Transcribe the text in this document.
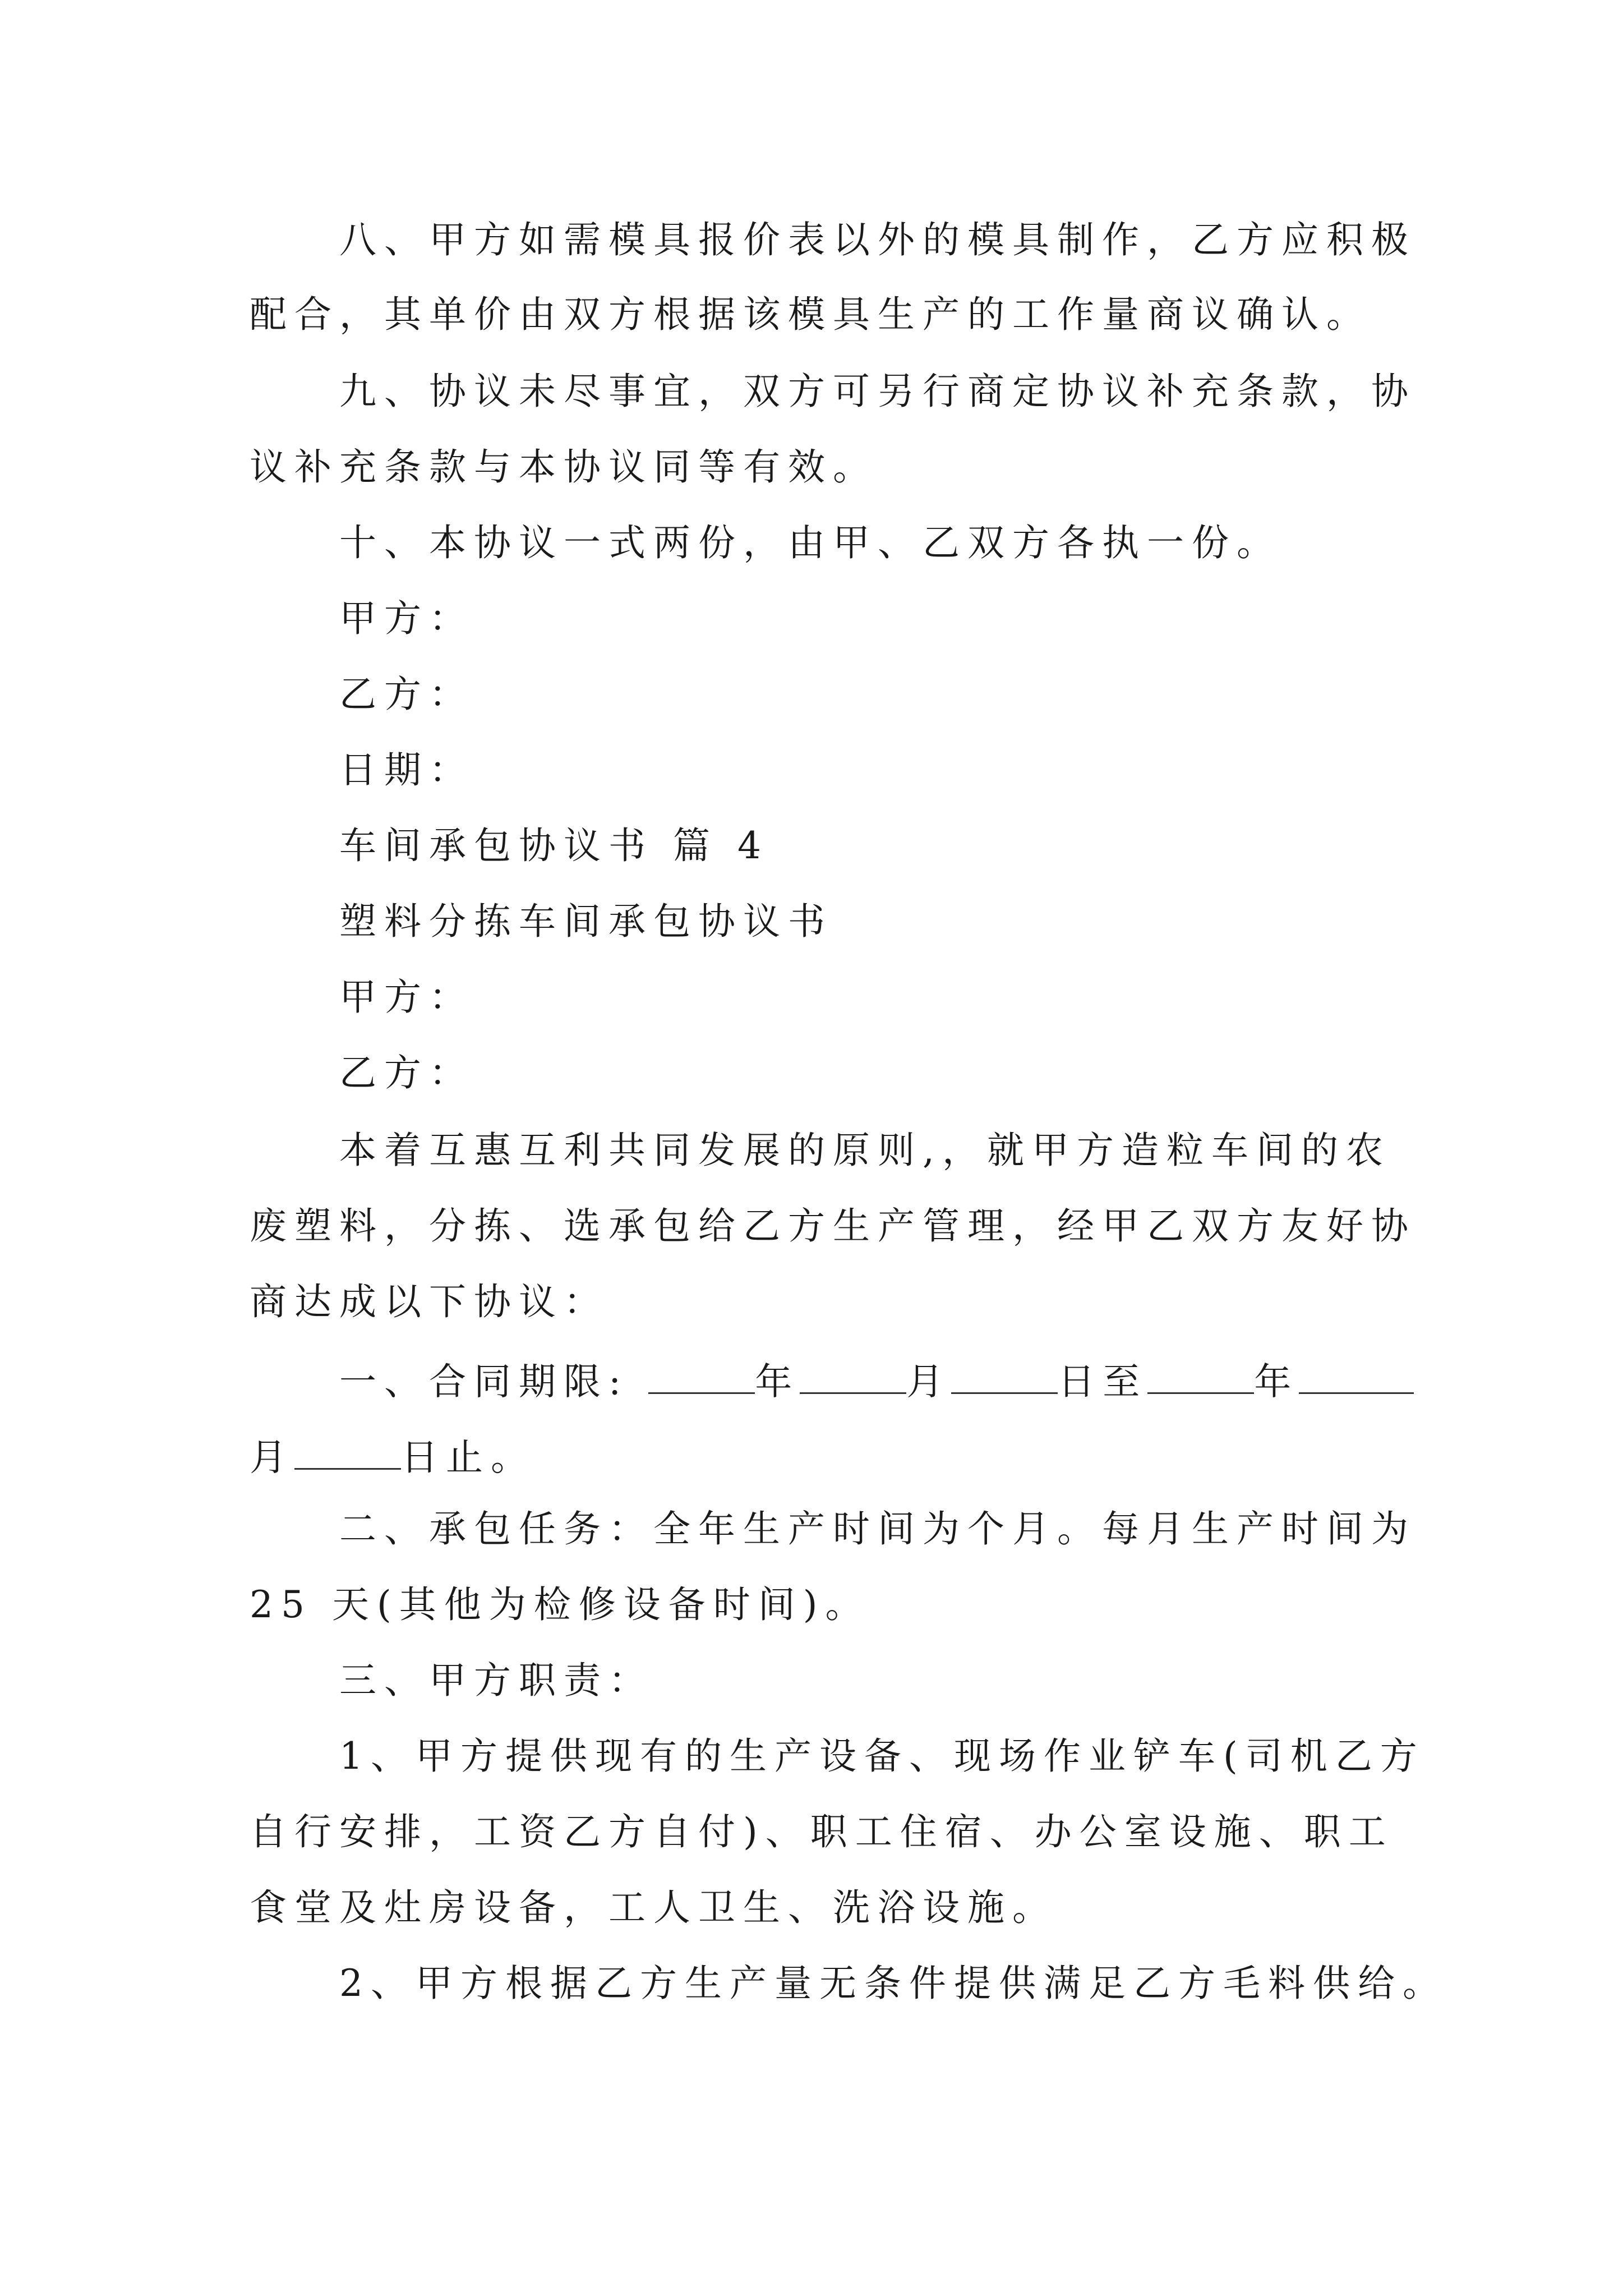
八、甲方如需模具报价表以外的模具制作，乙方应积极
配合，其单价由双方根据该模具生产的工作量商议确认。
九、协议未尽事宜，双方可另行商定协议补充条款，协
议补充条款与本协议同等有效。
十、本协议一式两份，由甲、乙双方各执一份。
甲方：
乙方：
日期：
车间承包协议书 篇 4
塑料分拣车间承包协议书
甲方：
乙方：
本着互惠互利共同发展的原则,，就甲方造粒车间的农
废塑料，分拣、选承包给乙方生产管理，经甲乙双方友好协
商达成以下协议：
一、合同期限:	年	月	日至	年
月	日止。
二、承包任务：全年生产时间为个月。每月生产时间为
25 天(其他为检修设备时间)。
三、甲方职责：
1、甲方提供现有的生产设备、现场作业铲车(司机乙方
自行安排，工资乙方自付)、职工住宿、办公室设施、职工
食堂及灶房设备，工人卫生、洗浴设施。
2、甲方根据乙方生产量无条件提供满足乙方毛料供给。
